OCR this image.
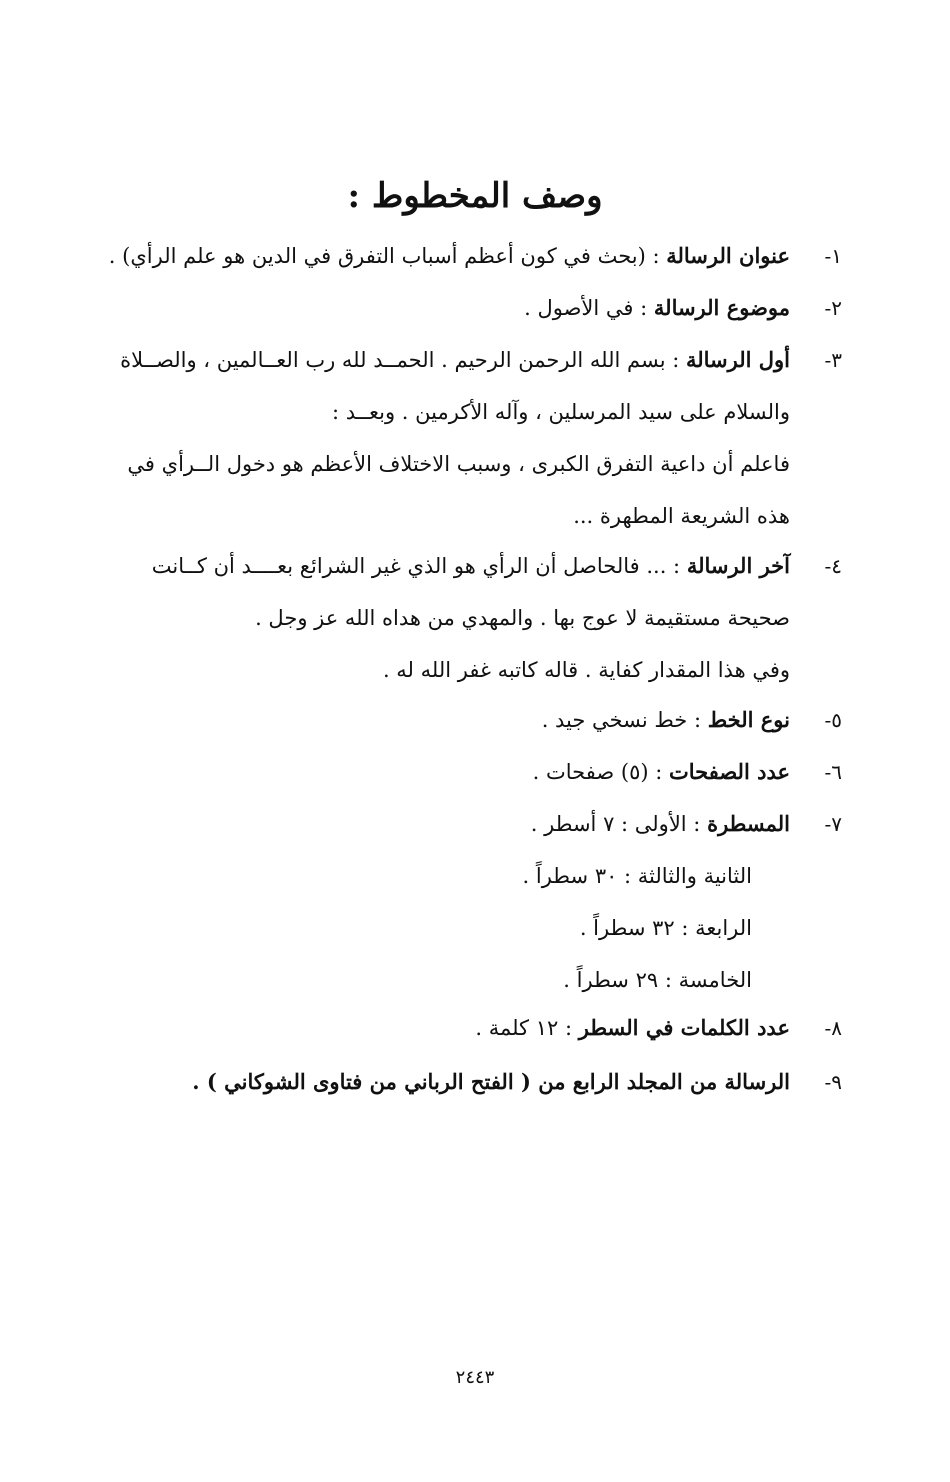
وصف المخطوط :
١-
عنوان الرسالة : (بحث في كون أعظم أسباب التفرق في الدين هو علم الرأي) .
٢-
موضوع الرسالة : في الأصول .
٣-
أول الرسالة : بسم الله الرحمن الرحيم . الحمــد لله رب العــالمين ، والصــلاة
والسلام على سيد المرسلين ، وآله الأكرمين . وبعــد :
فاعلم أن داعية التفرق الكبرى ، وسبب الاختلاف الأعظم هو دخول الــرأي في
هذه الشريعة المطهرة ...
٤-
آخر الرسالة : ... فالحاصل أن الرأي هو الذي غير الشرائع بعــــد أن كــانت
صحيحة مستقيمة لا عوج بها . والمهدي من هداه الله عز وجل .
وفي هذا المقدار كفاية . قاله كاتبه غفر الله له .
٥-
نوع الخط : خط نسخي جيد .
٦-
عدد الصفحات : (٥) صفحات .
٧-
المسطرة : الأولى : ٧ أسطر .
الثانية والثالثة : ٣٠ سطراً .
الرابعة : ٣٢ سطراً .
الخامسة : ٢٩ سطراً .
٨-
عدد الكلمات في السطر : ١٢ كلمة .
٩-
الرسالة من المجلد الرابع من ( الفتح الرباني من فتاوى الشوكاني ) .
٢٤٤٣
